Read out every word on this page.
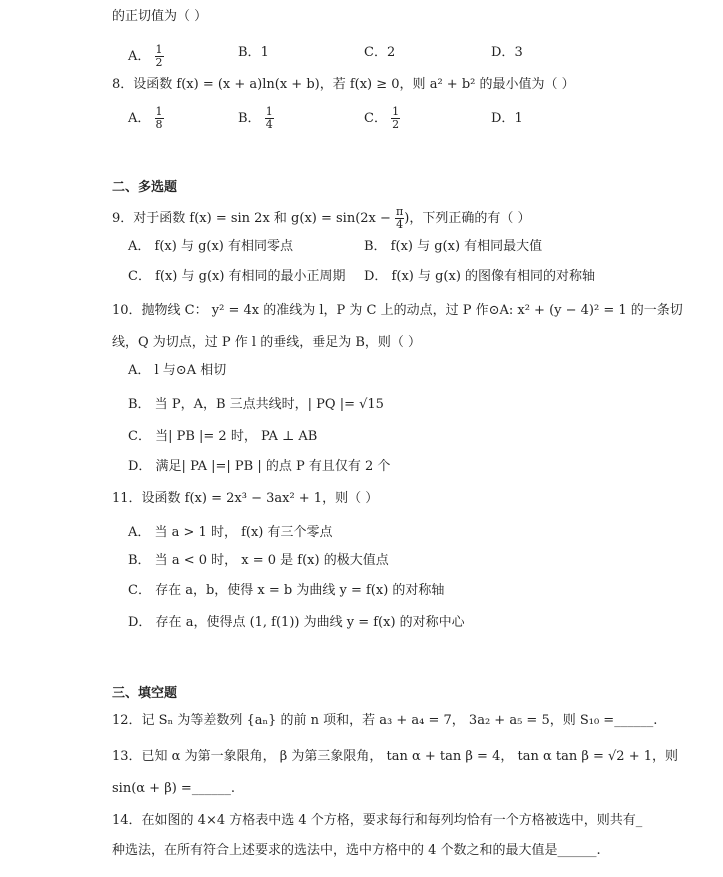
的正切值为（ ）
A． $\frac{1}{2}$	B．1	C．2	D．3
8．设函数 f(x) = (x + a)ln(x + b)，若 f(x) ≥ 0，则 a² + b² 的最小值为（ ）
A． $\frac{1}{8}$	B． $\frac{1}{4}$	C． $\frac{1}{2}$	D．1
二、多选题
9．对于函数 f(x) = sin 2x 和 $g(x) = \sin(2x - \frac{\pi}{4}$ )，下列正确的有（ ）
A． f(x) 与 g(x) 有相同零点	B． f(x) 与 g(x) 有相同最大值
C． f(x) 与 g(x) 有相同的最小正周期 D． f(x) 与 g(x) 的图像有相同的对称轴
10．抛物线 C： y² = 4x 的准线为 l，P 为 C 上的动点，过 P 作⊙A: x² + (y − 4)² = 1 的一条切
线，Q 为切点，过 P 作 l 的垂线，垂足为 B，则（ ）
A． l 与⊙A 相切
B． 当 P，A，B 三点共线时，| PQ |= √15
C． 当| PB |= 2 时， PA ⊥ AB
D． 满足| PA |=| PB | 的点 P 有且仅有 2 个
11．设函数 f(x) = 2x³ − 3ax² + 1，则（ ）
A． 当 a > 1 时， f(x) 有三个零点
B． 当 a < 0 时， x = 0 是 f(x) 的极大值点
C． 存在 a，b，使得 x = b 为曲线 y = f(x) 的对称轴
D． 存在 a，使得点 (1, f(1)) 为曲线 y = f(x) 的对称中心
三、填空题
12．记 Sₙ 为等差数列 {aₙ} 的前 n 项和，若 a₃ + a₄ = 7， 3a₂ + a₅ = 5，则 S₁₀ =______.
13．已知 α 为第一象限角， β 为第三象限角， tan α + tan β = 4， tan α tan β = √2 + 1，则
sin(α + β) =______.
14．在如图的 4×4 方格表中选 4 个方格，要求每行和每列均恰有一个方格被选中，则共有_
种选法，在所有符合上述要求的选法中，选中方格中的 4 个数之和的最大值是______.
